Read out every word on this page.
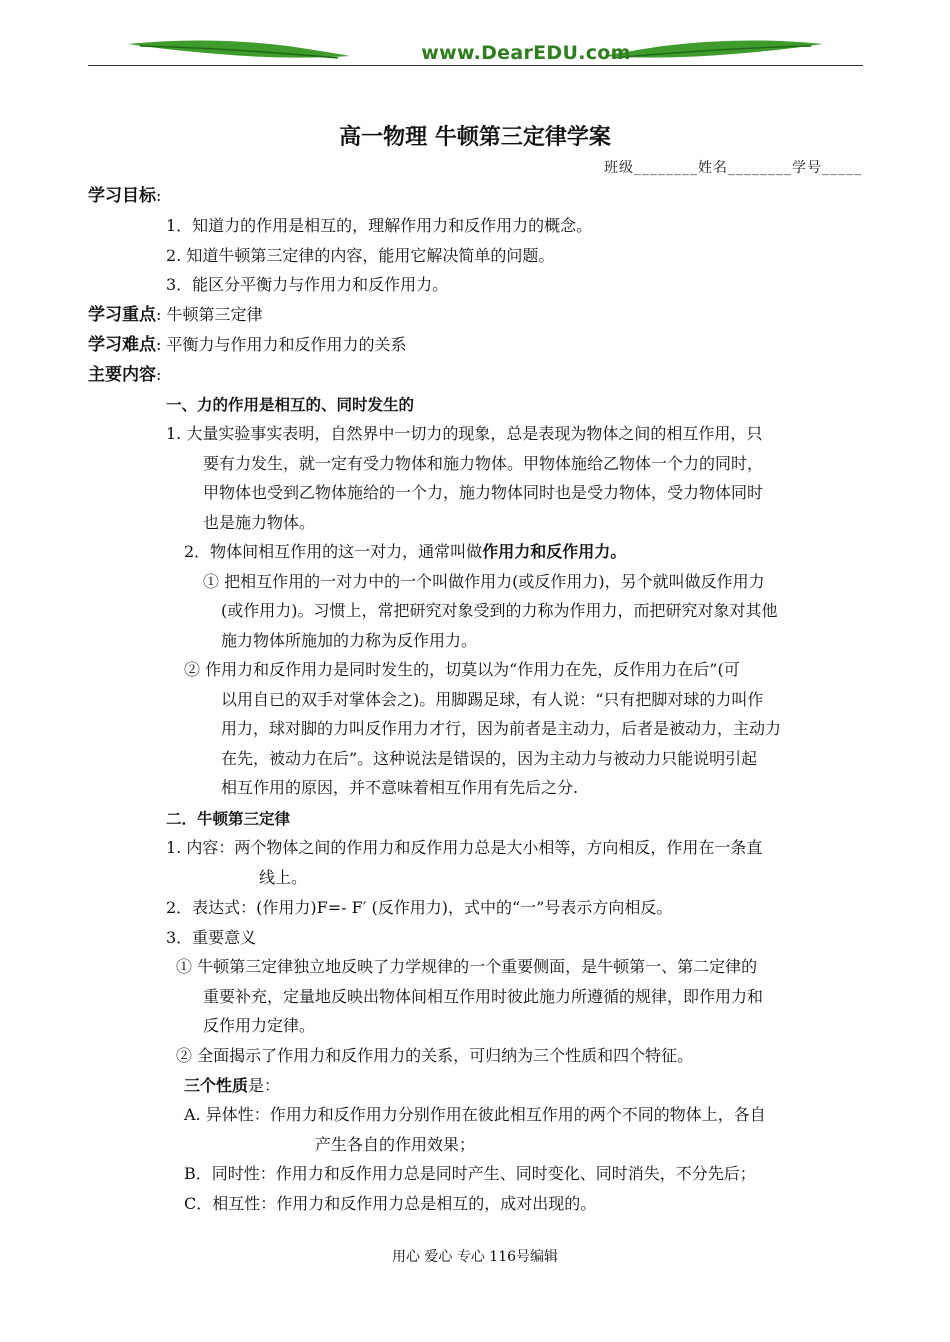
www.DearEDU.com
高一物理 牛顿第三定律学案
班级________姓名________学号_____
学习目标:
1．知道力的作用是相互的，理解作用力和反作用力的概念。
2. 知道牛顿第三定律的内容，能用它解决简单的问题。
3．能区分平衡力与作用力和反作用力。
学习重点: 牛顿第三定律
学习难点: 平衡力与作用力和反作用力的关系
主要内容:
一、力的作用是相互的、同时发生的
1. 大量实验事实表明，自然界中一切力的现象，总是表现为物体之间的相互作用，只
要有力发生，就一定有受力物体和施力物体。甲物体施给乙物体一个力的同时，
甲物体也受到乙物体施给的一个力，施力物体同时也是受力物体，受力物体同时
也是施力物体。
2．物体间相互作用的这一对力，通常叫做作用力和反作用力。
① 把相互作用的一对力中的一个叫做作用力(或反作用力)，另个就叫做反作用力
(或作用力)。习惯上，常把研究对象受到的力称为作用力，而把研究对象对其他
施力物体所施加的力称为反作用力。
② 作用力和反作用力是同时发生的，切莫以为“作用力在先，反作用力在后”(可
以用自已的双手对掌体会之)。用脚踢足球，有人说：“只有把脚对球的力叫作
用力，球对脚的力叫反作用力才行，因为前者是主动力，后者是被动力，主动力
在先，被动力在后”。这种说法是错误的，因为主动力与被动力只能说明引起
相互作用的原因，并不意味着相互作用有先后之分.
二．牛顿第三定律
1. 内容：两个物体之间的作用力和反作用力总是大小相等，方向相反，作用在一条直
线上。
2．表达式：(作用力)F=- F′ (反作用力)，式中的“一”号表示方向相反。
3．重要意义
① 牛顿第三定律独立地反映了力学规律的一个重要侧面，是牛顿第一、第二定律的
重要补充，定量地反映出物体间相互作用时彼此施力所遵循的规律，即作用力和
反作用力定律。
② 全面揭示了作用力和反作用力的关系，可归纳为三个性质和四个特征。
三个性质是：
A. 异体性：作用力和反作用力分别作用在彼此相互作用的两个不同的物体上，各自
产生各自的作用效果；
B．同时性：作用力和反作用力总是同时产生、同时变化、同时消失，不分先后；
C．相互性：作用力和反作用力总是相互的，成对出现的。
用心 爱心 专心 116号编辑
